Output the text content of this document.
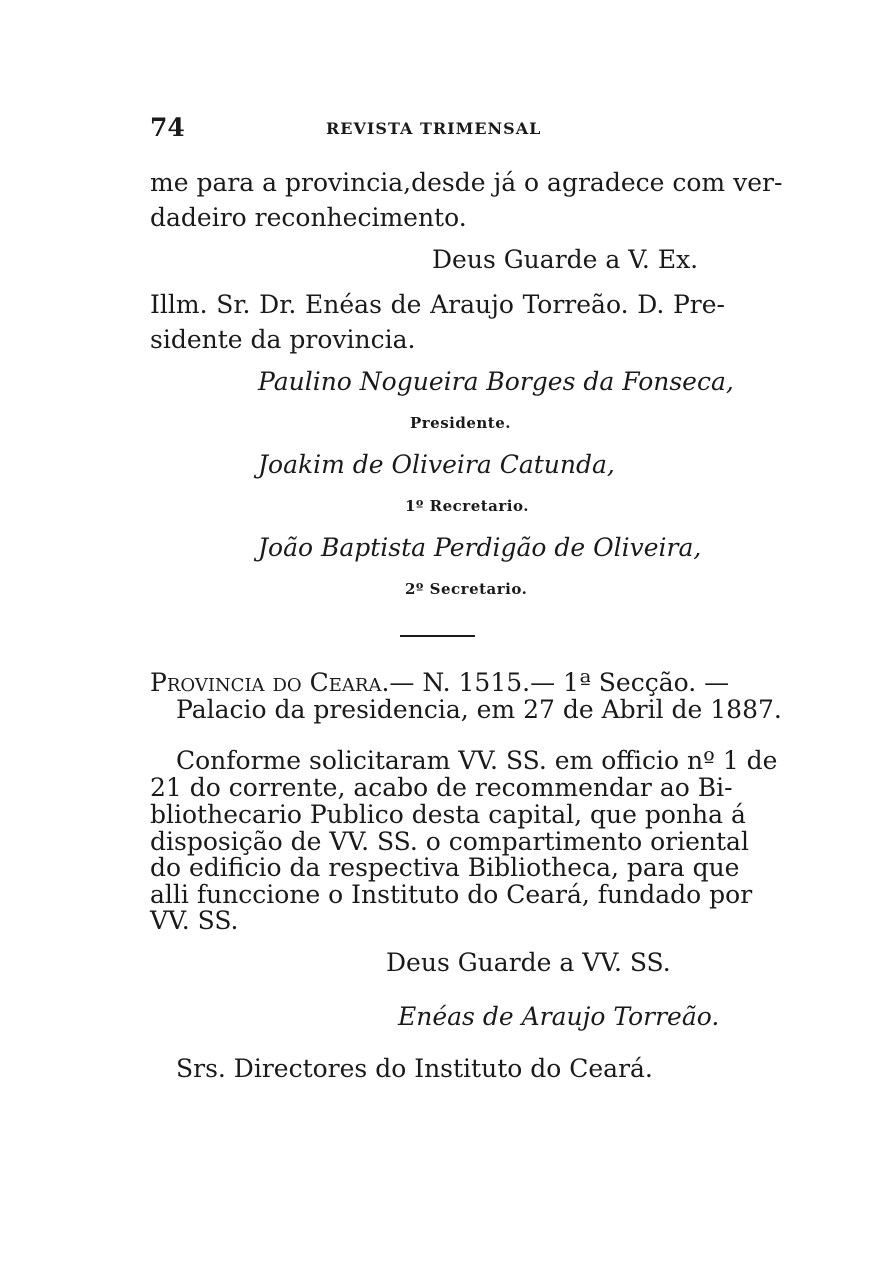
74	REVISTA TRIMENSAL
me para a provincia,desde já o agradece com ver-
dadeiro reconhecimento.
Deus Guarde a V. Ex.
Illm. Sr. Dr. Enéas de Araujo Torreão. D. Pre-
sidente da provincia.
Paulino Nogueira Borges da Fonseca,
Presidente.
Joakim de Oliveira Catunda,
1º Recretario.
João Baptista Perdigão de Oliveira,
2º Secretario.
Provincia do Ceara.— N. 1515.— 1ª Secção. —
Palacio da presidencia, em 27 de Abril de 1887.
Conforme solicitaram VV. SS. em officio nº 1 de
21 do corrente, acabo de recommendar ao Bi-
bliothecario Publico desta capital, que ponha á
disposição de VV. SS. o compartimento oriental
do edificio da respectiva Bibliotheca, para que
alli funccione o Instituto do Ceará, fundado por
VV. SS.
Deus Guarde a VV. SS.
Enéas de Araujo Torreão.
Srs. Directores do Instituto do Ceará.
